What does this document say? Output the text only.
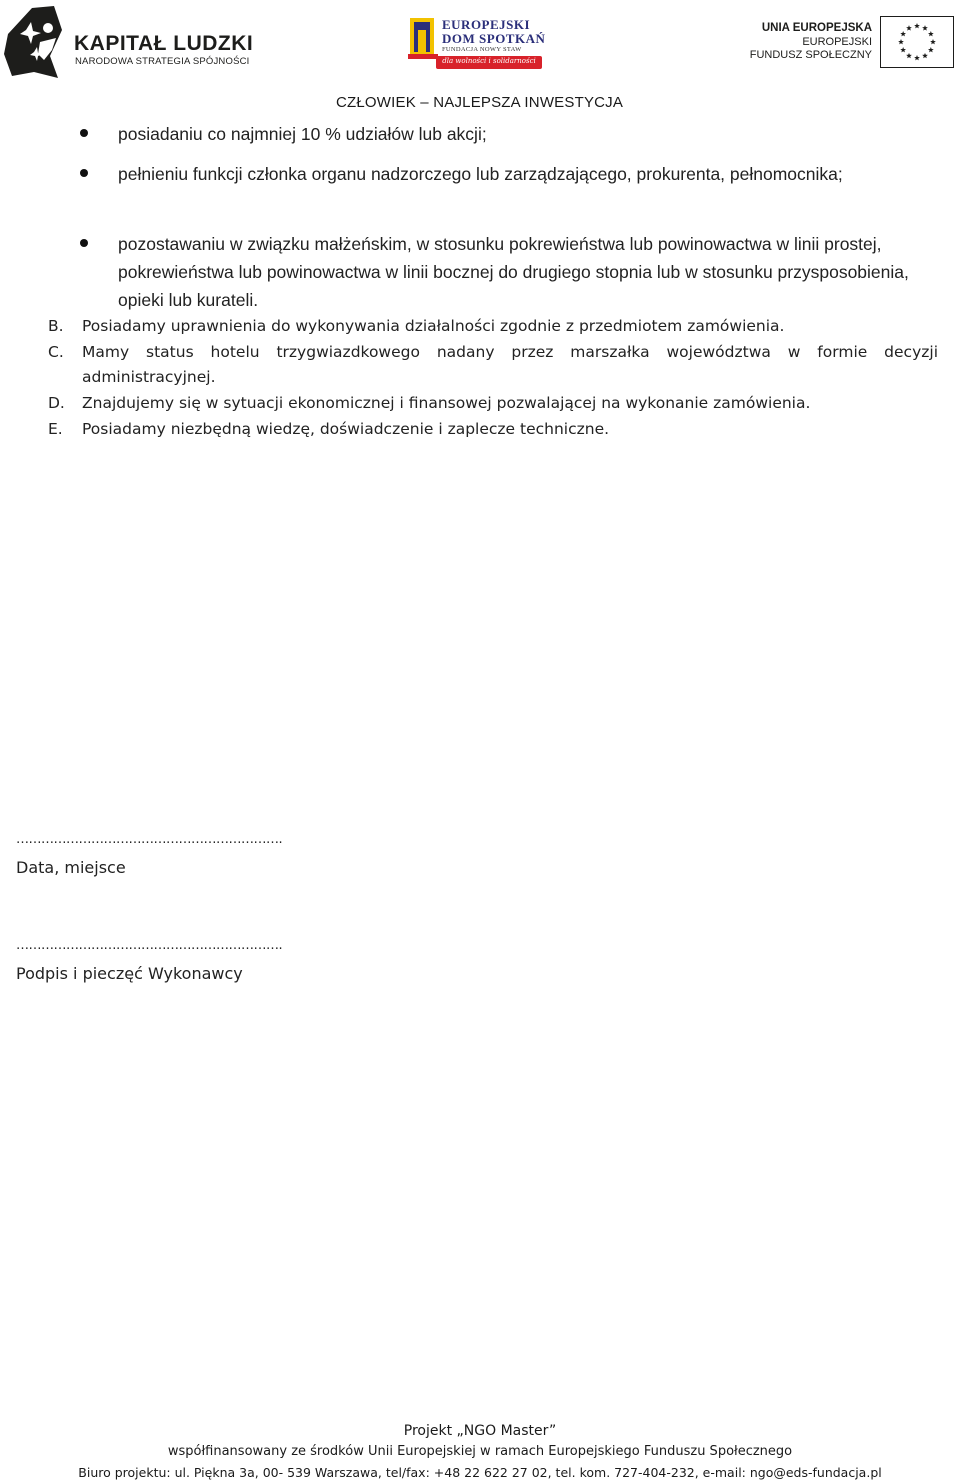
KAPITAŁ LUDZKI
NARODOWA STRATEGIA SPÓJNOŚCI
EUROPEJSKI
DOM SPOTKAŃ
FUNDACJA NOWY STAW
dla wolności i solidarności
UNIA EUROPEJSKA
EUROPEJSKI
FUNDUSZ SPOŁECZNY
CZŁOWIEK – NAJLEPSZA INWESTYCJA
posiadaniu co najmniej 10 % udziałów lub akcji;
pełnieniu funkcji członka organu nadzorczego lub zarządzającego, prokurenta, pełnomocnika;
pozostawaniu w związku małżeńskim, w stosunku pokrewieństwa lub powinowactwa w linii prostej, pokrewieństwa lub powinowactwa w linii bocznej do drugiego stopnia lub w stosunku przysposobienia, opieki lub kurateli.
B. Posiadamy uprawnienia do wykonywania działalności zgodnie z przedmiotem zamówienia.
C. Mamy status hotelu trzygwiazdkowego nadany przez marszałka województwa w formie decyzji administracyjnej.
D. Znajdujemy się w sytuacji ekonomicznej i finansowej pozwalającej na wykonanie zamówienia.
E. Posiadamy niezbędną wiedzę, doświadczenie i zaplecze techniczne.
……………………………………………………….
Data, miejsce
……………………………………………………….
Podpis i pieczęć Wykonawcy
Projekt „NGO Master”
współfinansowany ze środków Unii Europejskiej w ramach Europejskiego Funduszu Społecznego
Biuro projektu: ul. Piękna 3a, 00- 539 Warszawa, tel/fax: +48 22 622 27 02, tel. kom. 727-404-232, e-mail: ngo@eds-fundacja.pl
